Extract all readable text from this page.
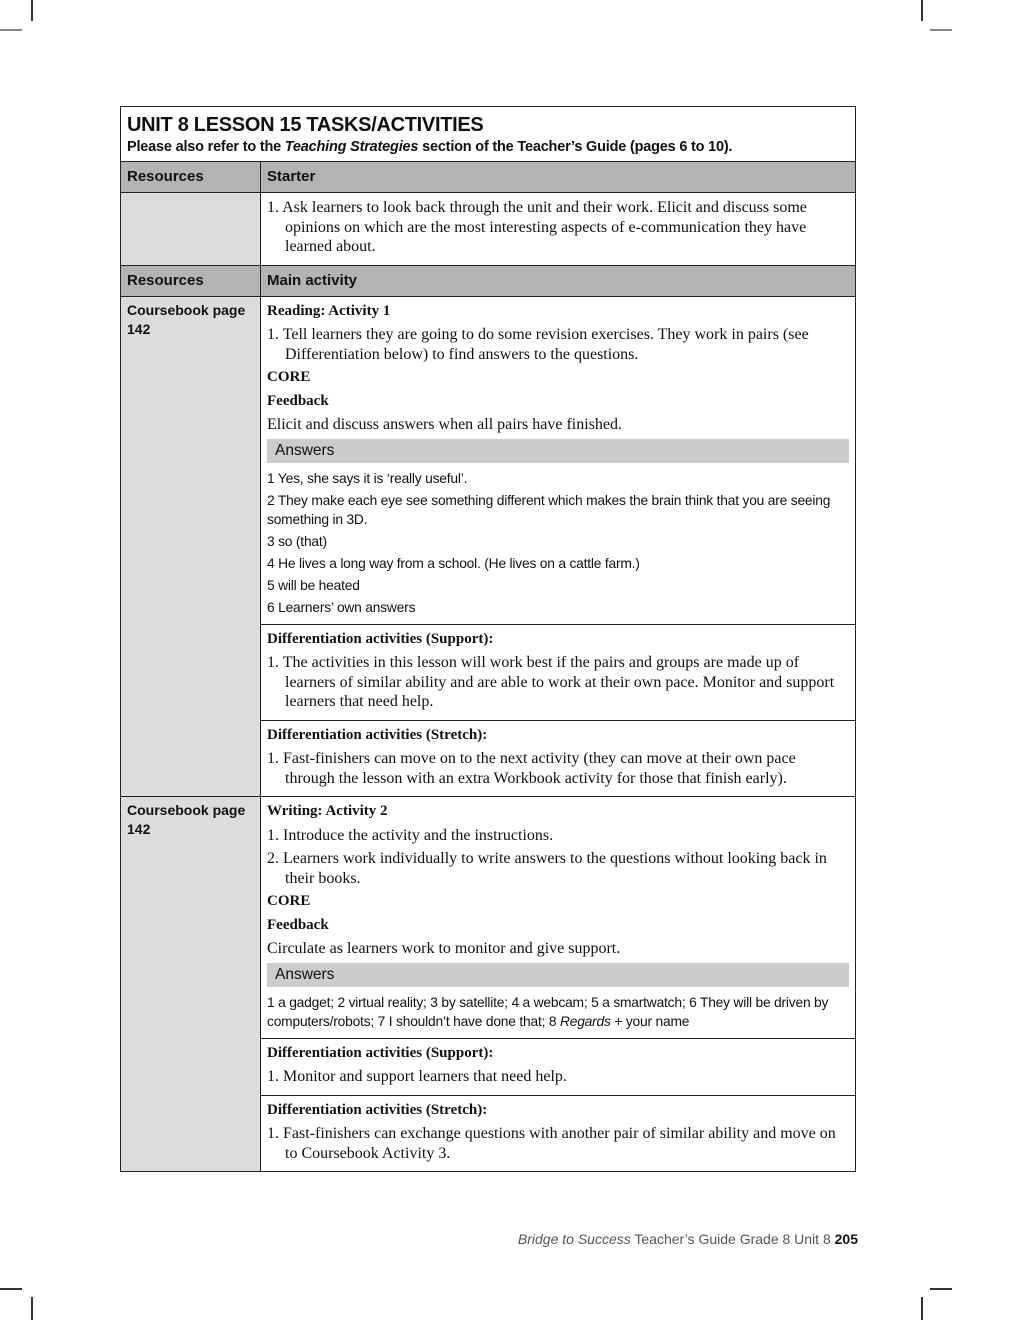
UNIT 8 LESSON 15 TASKS/ACTIVITIES
Please also refer to the Teaching Strategies section of the Teacher’s Guide (pages 6 to 10).
Resources	Starter

1. Ask learners to look back through the unit and their work. Elicit and discuss some opinions on which are the most interesting aspects of e-communication they have learned about.

Resources	Main activity
Coursebook page 142

Reading: Activity 1

1. Tell learners they are going to do some revision exercises. They work in pairs (see Differentiation below) to find answers to the questions.

CORE

Feedback

Elicit and discuss answers when all pairs have finished.

Answers

1 Yes, she says it is ‘really useful’.

2 They make each eye see something different which makes the brain think that you are seeing something in 3D.

3 so (that)

4 He lives a long way from a school. (He lives on a cattle farm.)

5 will be heated

6 Learners’ own answers

Differentiation activities (Support):

1. The activities in this lesson will work best if the pairs and groups are made up of learners of similar ability and are able to work at their own pace. Monitor and support learners that need help.

Differentiation activities (Stretch):

1. Fast-finishers can move on to the next activity (they can move at their own pace through the lesson with an extra Workbook activity for those that finish early).

Coursebook page 142

Writing: Activity 2

1. Introduce the activity and the instructions.

2. Learners work individually to write answers to the questions without looking back in their books.

CORE

Feedback

Circulate as learners work to monitor and give support.

Answers

1 a gadget; 2 virtual reality; 3 by satellite; 4 a webcam; 5 a smartwatch; 6 They will be driven by computers/robots; 7 I shouldn’t have done that; 8 Regards + your name

Differentiation activities (Support):

1. Monitor and support learners that need help.

Differentiation activities (Stretch):

1. Fast-finishers can exchange questions with another pair of similar ability and move on to Coursebook Activity 3.

Bridge to Success Teacher’s Guide Grade 8 Unit 8 205
